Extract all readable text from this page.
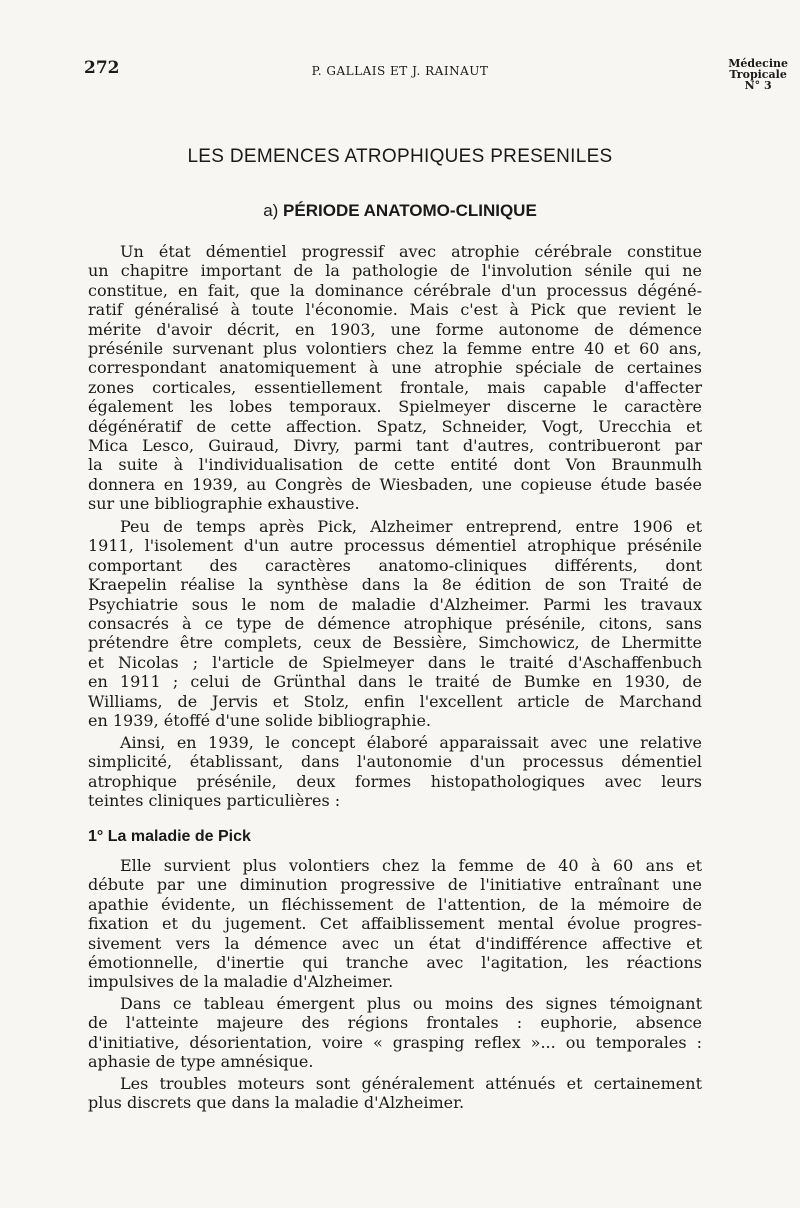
272	P. GALLAIS ET J. RAINAUT
Médecine
Tropicale
N° 3
LES DEMENCES ATROPHIQUES PRESENILES
a) PÉRIODE ANATOMO-CLINIQUE
Un état démentiel progressif avec atrophie cérébrale constitue
un chapitre important de la pathologie de l'involution sénile qui ne
constitue, en fait, que la dominance cérébrale d'un processus dégéné-
ratif généralisé à toute l'économie. Mais c'est à Pick que revient le
mérite d'avoir décrit, en 1903, une forme autonome de démence
présénile survenant plus volontiers chez la femme entre 40 et 60 ans,
correspondant anatomiquement à une atrophie spéciale de certaines
zones corticales, essentiellement frontale, mais capable d'affecter
également les lobes temporaux. Spielmeyer discerne le caractère
dégénératif de cette affection. Spatz, Schneider, Vogt, Urecchia et
Mica Lesco, Guiraud, Divry, parmi tant d'autres, contribueront par
la suite à l'individualisation de cette entité dont Von Braunmulh
donnera en 1939, au Congrès de Wiesbaden, une copieuse étude basée
sur une bibliographie exhaustive.
Peu de temps après Pick, Alzheimer entreprend, entre 1906 et
1911, l'isolement d'un autre processus démentiel atrophique présénile
comportant des caractères anatomo-cliniques différents, dont
Kraepelin réalise la synthèse dans la 8e édition de son Traité de
Psychiatrie sous le nom de maladie d'Alzheimer. Parmi les travaux
consacrés à ce type de démence atrophique présénile, citons, sans
prétendre être complets, ceux de Bessière, Simchowicz, de Lhermitte
et Nicolas ; l'article de Spielmeyer dans le traité d'Aschaffenbuch
en 1911 ; celui de Grünthal dans le traité de Bumke en 1930, de
Williams, de Jervis et Stolz, enfin l'excellent article de Marchand
en 1939, étoffé d'une solide bibliographie.
Ainsi, en 1939, le concept élaboré apparaissait avec une relative
simplicité, établissant, dans l'autonomie d'un processus démentiel
atrophique présénile, deux formes histopathologiques avec leurs
teintes cliniques particulières :
1° La maladie de Pick
Elle survient plus volontiers chez la femme de 40 à 60 ans et
débute par une diminution progressive de l'initiative entraînant une
apathie évidente, un fléchissement de l'attention, de la mémoire de
fixation et du jugement. Cet affaiblissement mental évolue progres-
sivement vers la démence avec un état d'indifférence affective et
émotionnelle, d'inertie qui tranche avec l'agitation, les réactions
impulsives de la maladie d'Alzheimer.
Dans ce tableau émergent plus ou moins des signes témoignant
de l'atteinte majeure des régions frontales : euphorie, absence
d'initiative, désorientation, voire « grasping reflex »... ou temporales :
aphasie de type amnésique.
Les troubles moteurs sont généralement atténués et certainement
plus discrets que dans la maladie d'Alzheimer.
